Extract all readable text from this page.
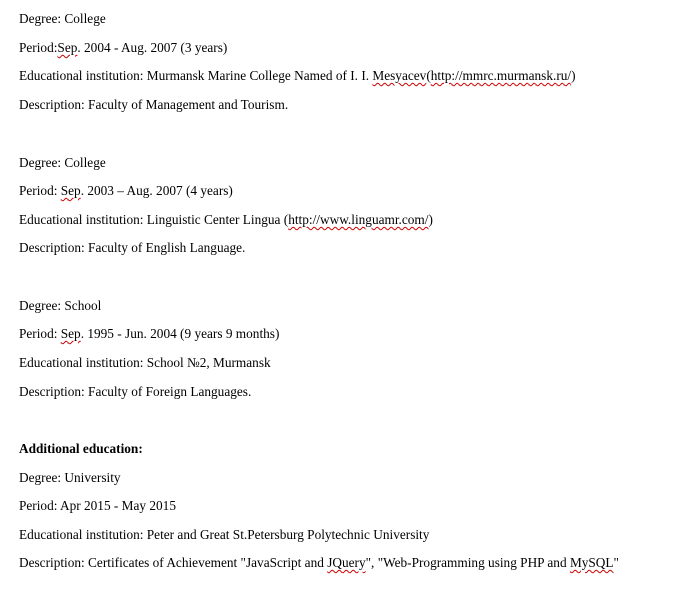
Degree: College
Period:Sep. 2004 - Aug. 2007 (3 years)
Educational institution: Murmansk Marine College Named of I. I. Mesyacev(http://mmrc.murmansk.ru/)
Description: Faculty of Management and Tourism.
Degree: College
Period: Sep. 2003 – Aug. 2007 (4 years)
Educational institution: Linguistic Center Lingua (http://www.linguamr.com/)
Description: Faculty of English Language.
Degree: School
Period: Sep. 1995 - Jun. 2004 (9 years 9 months)
Educational institution: School №2, Murmansk
Description: Faculty of Foreign Languages.
Additional education:
Degree: University
Period: Apr 2015 - May 2015
Educational institution: Peter and Great St.Petersburg Polytechnic University
Description: Certificates of Achievement "JavaScript and JQuery", "Web-Programming using PHP and MySQL"
